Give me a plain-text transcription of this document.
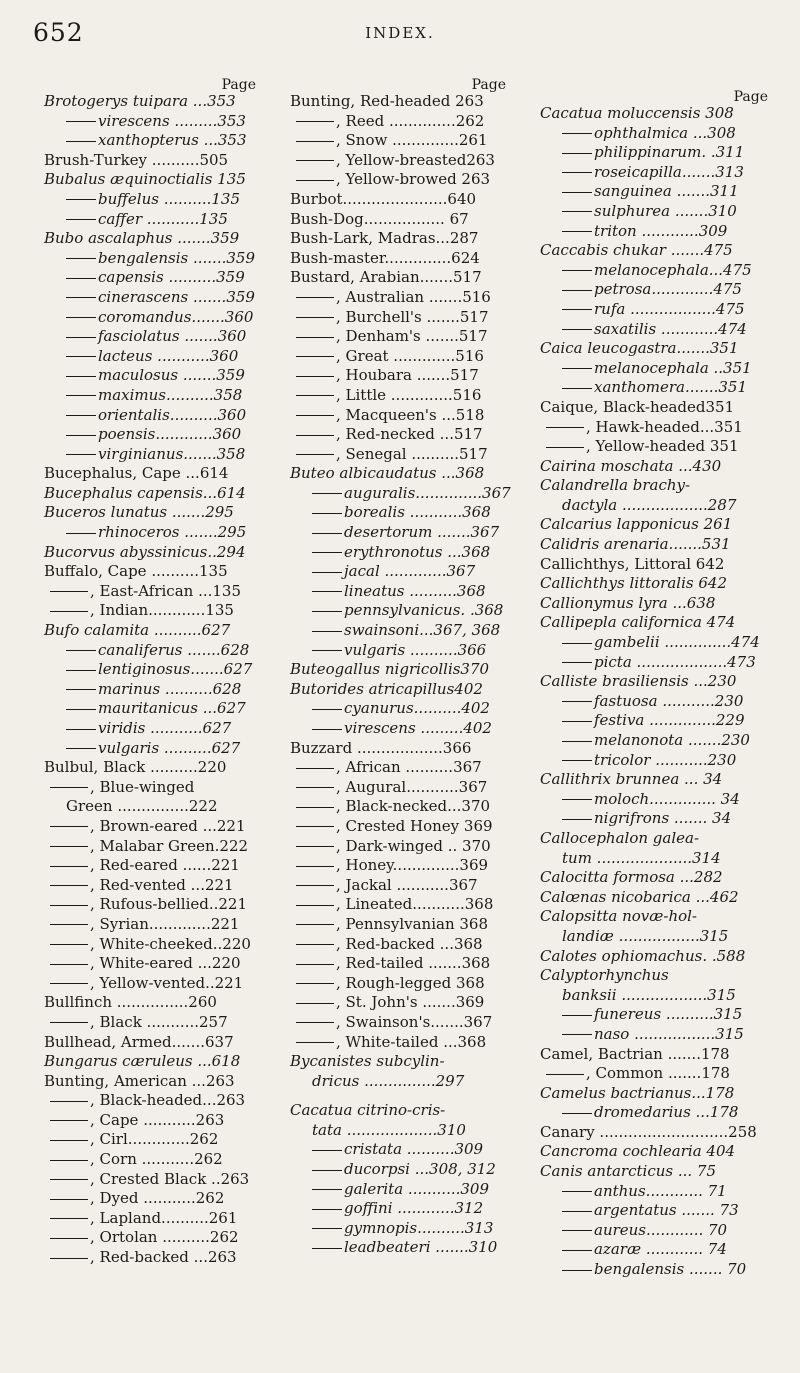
652	INDEX.
Page
Brotogerys tuipara ...353
virescens .........353
xanthopterus ...353
Brush-Turkey ..........505
Bubalus æquinoctialis 135
buffelus ..........135
caffer ...........135
Bubo ascalaphus .......359
bengalensis .......359
capensis ..........359
cinerascens .......359
coromandus.......360
fasciolatus .......360
lacteus ...........360
maculosus .......359
maximus..........358
orientalis..........360
poensis............360
virginianus.......358
Bucephalus, Cape ...614
Bucephalus capensis...614
Buceros lunatus .......295
rhinoceros .......295
Bucorvus abyssinicus..294
Buffalo, Cape ..........135
, East-African ...135
, Indian............135
Bufo calamita ..........627
canaliferus .......628
lentiginosus.......627
marinus ..........628
mauritanicus ...627
viridis ...........627
vulgaris ..........627
Bulbul, Black ..........220
, Blue-winged
Green ...............222
, Brown-eared ...221
, Malabar Green.222
, Red-eared ......221
, Red-vented ...221
, Rufous-bellied..221
, Syrian.............221
, White-cheeked..220
, White-eared ...220
, Yellow-vented..221
Bullfinch ...............260
, Black ...........257
Bullhead, Armed.......637
Bungarus cæruleus ...618
Bunting, American ...263
, Black-headed...263
, Cape ...........263
, Cirl.............262
, Corn ...........262
, Crested Black ..263
, Dyed ...........262
, Lapland..........261
, Ortolan ..........262
, Red-backed ...263
Page
Bunting, Red-headed 263
, Reed ..............262
, Snow ..............261
, Yellow-breasted263
, Yellow-browed 263
Burbot......................640
Bush-Dog................. 67
Bush-Lark, Madras...287
Bush-master..............624
Bustard, Arabian.......517
, Australian .......516
, Burchell's .......517
, Denham's .......517
, Great .............516
, Houbara .......517
, Little .............516
, Macqueen's ...518
, Red-necked ...517
, Senegal ..........517
Buteo albicaudatus ...368
auguralis..............367
borealis ...........368
desertorum .......367
erythronotus ...368
jacal .............367
lineatus ..........368
pennsylvanicus. .368
swainsoni...367, 368
vulgaris ..........366
Buteogallus nigricollis370
Butorides atricapillus402
cyanurus..........402
virescens .........402
Buzzard ..................366
, African ..........367
, Augural...........367
, Black-necked...370
, Crested Honey 369
, Dark-winged .. 370
, Honey..............369
, Jackal ...........367
, Lineated...........368
, Pennsylvanian 368
, Red-backed ...368
, Red-tailed .......368
, Rough-legged 368
, St. John's .......369
, Swainson's.......367
, White-tailed ...368
Bycanistes subcylin-
dricus ...............297
Cacatua citrino-cris-
tata ...................310
cristata ..........309
ducorpsi ...308, 312
galerita ...........309
goffini ............312
gymnopis..........313
leadbeateri .......310
Page
Cacatua moluccensis 308
ophthalmica ...308
philippinarum. .311
roseicapilla.......313
sanguinea .......311
sulphurea .......310
triton ............309
Caccabis chukar .......475
melanocephala...475
petrosa.............475
rufa ..................475
saxatilis ............474
Caica leucogastra.......351
melanocephala ..351
xanthomera.......351
Caique, Black-headed351
, Hawk-headed...351
, Yellow-headed 351
Cairina moschata ...430
Calandrella brachy-
dactyla ..................287
Calcarius lapponicus 261
Calidris arenaria.......531
Callichthys, Littoral 642
Callichthys littoralis 642
Callionymus lyra ...638
Callipepla californica 474
gambelii ..............474
picta ...................473
Calliste brasiliensis ...230
fastuosa ...........230
festiva ..............229
melanonota .......230
tricolor ...........230
Callithrix brunnea ... 34
moloch.............. 34
nigrifrons ....... 34
Callocephalon galea-
tum ....................314
Calocitta formosa ...282
Calœnas nicobarica ...462
Calopsitta novæ-hol-
landiæ .................315
Calotes ophiomachus. .588
Calyptorhynchus
banksii ..................315
funereus ..........315
naso .................315
Camel, Bactrian .......178
, Common .......178
Camelus bactrianus...178
dromedarius ...178
Canary ...........................258
Cancroma cochlearia 404
Canis antarcticus ... 75
anthus............ 71
argentatus ....... 73
aureus............ 70
azaræ ............ 74
bengalensis ....... 70
